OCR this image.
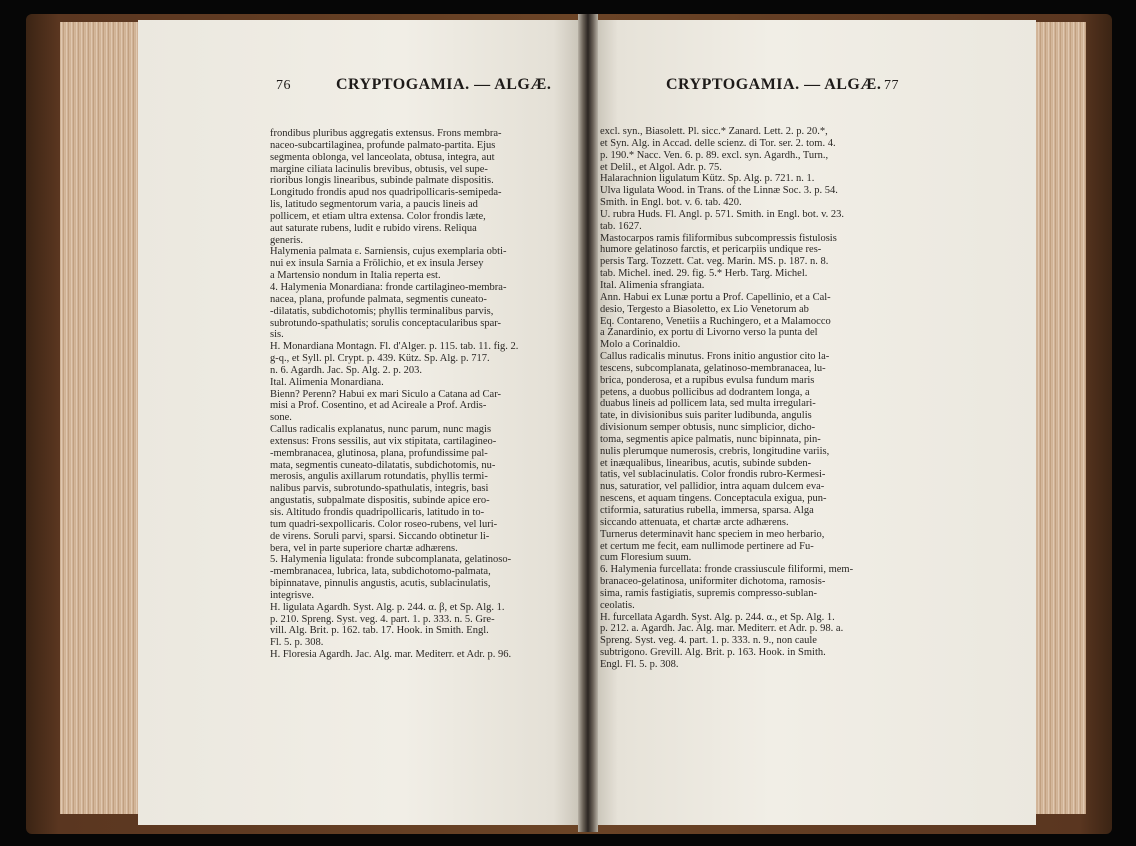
76	CRYPTOGAMIA. — ALGÆ.
frondibus pluribus aggregatis extensus. Frons membra-
naceo-subcartilaginea, profunde palmato-partita. Ejus
segmenta oblonga, vel lanceolata, obtusa, integra, aut
margine ciliata lacinulis brevibus, obtusis, vel supe-
rioribus longis linearibus, subinde palmate dispositis.
Longitudo frondis apud nos quadripollicaris-semipeda-
lis, latitudo segmentorum varia, a paucis lineis ad
pollicem, et etiam ultra extensa. Color frondis læte,
aut saturate rubens, ludit e rubido virens. Reliqua
generis.
Halymenia palmata ε. Sarniensis, cujus exemplaria obti-
nui ex insula Sarnia a Frölichio, et ex insula Jersey
a Martensio nondum in Italia reperta est.
4. Halymenia Monardiana: fronde cartilagineo-membra-
nacea, plana, profunde palmata, segmentis cuneato-
-dilatatis, subdichotomis; phyllis terminalibus parvis,
subrotundo-spathulatis; sorulis conceptacularibus spar-
sis.
H. Monardiana Montagn. Fl. d'Alger. p. 115. tab. 11. fig. 2.
g-q., et Syll. pl. Crypt. p. 439. Kütz. Sp. Alg. p. 717.
n. 6. Agardh. Jac. Sp. Alg. 2. p. 203.
Ital. Alimenia Monardiana.
Bienn? Perenn? Habui ex mari Siculo a Catana ad Car-
misi a Prof. Cosentino, et ad Acireale a Prof. Ardis-
sone.
Callus radicalis explanatus, nunc parum, nunc magis
extensus: Frons sessilis, aut vix stipitata, cartilagineo-
-membranacea, glutinosa, plana, profundissime pal-
mata, segmentis cuneato-dilatatis, subdichotomis, nu-
merosis, angulis axillarum rotundatis, phyllis termi-
nalibus parvis, subrotundo-spathulatis, integris, basi
angustatis, subpalmate dispositis, subinde apice ero-
sis. Altitudo frondis quadripollicaris, latitudo in to-
tum quadri-sexpollicaris. Color roseo-rubens, vel luri-
de virens. Soruli parvi, sparsi. Siccando obtinetur li-
bera, vel in parte superiore chartæ adhærens.
5. Halymenia ligulata: fronde subcomplanata, gelatinoso-
-membranacea, lubrica, lata, subdichotomo-palmata,
bipinnatave, pinnulis angustis, acutis, sublacinulatis,
integrisve.
H. ligulata Agardh. Syst. Alg. p. 244. α. β, et Sp. Alg. 1.
p. 210. Spreng. Syst. veg. 4. part. 1. p. 333. n. 5. Gre-
vill. Alg. Brit. p. 162. tab. 17. Hook. in Smith. Engl.
Fl. 5. p. 308.
H. Floresia Agardh. Jac. Alg. mar. Mediterr. et Adr. p. 96.
CRYPTOGAMIA. — ALGÆ. 77
excl. syn., Biasolett. Pl. sicc.* Zanard. Lett. 2. p. 20.*,
et Syn. Alg. in Accad. delle scienz. di Tor. ser. 2. tom. 4.
p. 190.* Nacc. Ven. 6. p. 89. excl. syn. Agardh., Turn.,
et Delil., et Algol. Adr. p. 75.
Halarachnion ligulatum Kütz. Sp. Alg. p. 721. n. 1.
Ulva ligulata Wood. in Trans. of the Linnæ Soc. 3. p. 54.
Smith. in Engl. bot. v. 6. tab. 420.
U. rubra Huds. Fl. Angl. p. 571. Smith. in Engl. bot. v. 23.
tab. 1627.
Mastocarpos ramis filiformibus subcompressis fistulosis
humore gelatinoso farctis, et pericarpiis undique res-
persis Targ. Tozzett. Cat. veg. Marin. MS. p. 187. n. 8.
tab. Michel. ined. 29. fig. 5.* Herb. Targ. Michel.
Ital. Alimenia sfrangiata.
Ann. Habui ex Lunæ portu a Prof. Capellinio, et a Cal-
desio, Tergesto a Biasoletto, ex Lio Venetorum ab
Eq. Contareno, Venetiis a Ruchingero, et a Malamocco
a Zanardinio, ex portu di Livorno verso la punta del
Molo a Corinaldio.
Callus radicalis minutus. Frons initio angustior cito la-
tescens, subcomplanata, gelatinoso-membranacea, lu-
brica, ponderosa, et a rupibus evulsa fundum maris
petens, a duobus pollicibus ad dodrantem longa, a
duabus lineis ad pollicem lata, sed multa irregulari-
tate, in divisionibus suis pariter ludibunda, angulis
divisionum semper obtusis, nunc simplicior, dicho-
toma, segmentis apice palmatis, nunc bipinnata, pin-
nulis plerumque numerosis, crebris, longitudine variis,
et inæqualibus, linearibus, acutis, subinde subden-
tatis, vel sublacinulatis. Color frondis rubro-Kermesi-
nus, saturatior, vel pallidior, intra aquam dulcem eva-
nescens, et aquam tingens. Conceptacula exigua, pun-
ctiformia, saturatius rubella, immersa, sparsa. Alga
siccando attenuata, et chartæ arcte adhærens.
Turnerus determinavit hanc speciem in meo herbario,
et certum me fecit, eam nullimode pertinere ad Fu-
cum Floresium suum.
6. Halymenia furcellata: fronde crassiuscule filiformi, mem-
branaceo-gelatinosa, uniformiter dichotoma, ramosis-
sima, ramis fastigiatis, supremis compresso-sublan-
ceolatis.
H. furcellata Agardh. Syst. Alg. p. 244. α., et Sp. Alg. 1.
p. 212. a. Agardh. Jac. Alg. mar. Mediterr. et Adr. p. 98. a.
Spreng. Syst. veg. 4. part. 1. p. 333. n. 9., non caule
subtrigono. Grevill. Alg. Brit. p. 163. Hook. in Smith.
Engl. Fl. 5. p. 308.
